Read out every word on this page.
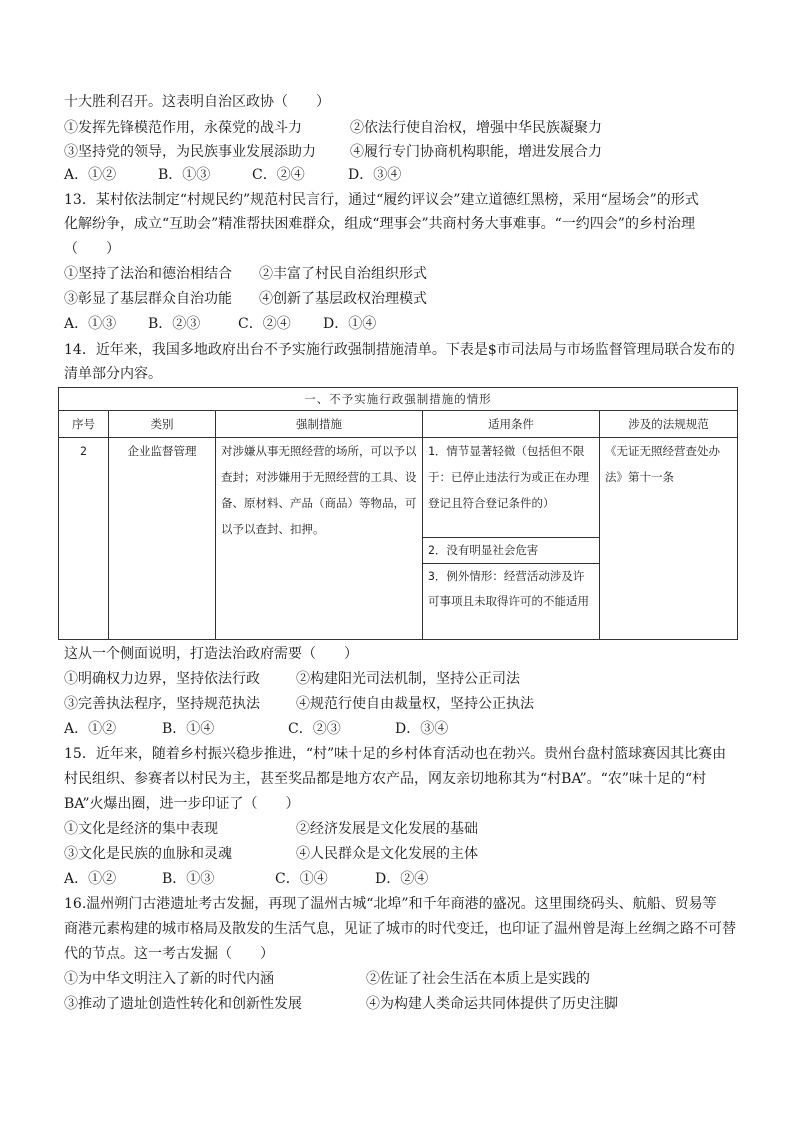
十大胜利召开。这表明自治区政协（　　）
①发挥先锋模范作用，永葆党的战斗力	②依法行使自治权，增强中华民族凝聚力
③坚持党的领导，为民族事业发展添助力 ④履行专门协商机构职能，增进发展合力
A．①②	B．①③	C．②④	D．③④
13．某村依法制定“村规民约”规范村民言行，通过“履约评议会”建立道德红黑榜，采用“屋场会”的形式
化解纷争，成立“互助会”精准帮扶困难群众，组成“理事会”共商村务大事难事。“一约四会”的乡村治理
（　　）
①坚持了法治和德治相结合 ②丰富了村民自治组织形式
③彰显了基层群众自治功能 ④创新了基层政权治理模式
A．①③ B．②③	C．②④ D．①④
14．近年来，我国多地政府出台不予实施行政强制措施清单。下表是$市司法局与市场监督管理局联合发布的
清单部分内容。
一、不予实施行政强制措施的情形				
序号	类别	强制措施	适用条件	涉及的法规规范
2	企业监督管理	对涉嫌从事无照经营的场所，可以予以查封；对涉嫌用于无照经营的工具、设备、原材料、产品（商品）等物品，可以予以查封、扣押。	1．情节显著轻微（包括但不限于：已停止违法行为或正在办理登记且符合登记条件的）	《无证无照经营查处办法》第十一条
			2．没有明显社会危害	
			3．例外情形：经营活动涉及许可事项且未取得许可的不能适用	
这从一个侧面说明，打造法治政府需要（　　）
①明确权力边界，坚持依法行政	②构建阳光司法机制，坚持公正司法
③完善执法程序，坚持规范执法	④规范行使自由裁量权，坚持公正执法
A．①②	B．①④	C．②③	D．③④
15．近年来，随着乡村振兴稳步推进，“村”味十足的乡村体育活动也在勃兴。贵州台盘村篮球赛因其比赛由
村民组织、参赛者以村民为主，甚至奖品都是地方农产品，网友亲切地称其为“村BA”。“农”味十足的“村
BA”火爆出圈，进一步印证了（　　）
①文化是经济的集中表现	②经济发展是文化发展的基础
③文化是民族的血脉和灵魂	④人民群众是文化发展的主体
A．①②	B．①③	C．①④	D．②④
16.温州朔门古港遗址考古发掘，再现了温州古城“北埠”和千年商港的盛况。这里围绕码头、航船、贸易等
商港元素构建的城市格局及散发的生活气息，见证了城市的时代变迁，也印证了温州曾是海上丝绸之路不可替
代的节点。这一考古发掘（　　）
①为中华文明注入了新的时代内涵	②佐证了社会生活在本质上是实践的
③推动了遗址创造性转化和创新性发展	④为构建人类命运共同体提供了历史注脚
